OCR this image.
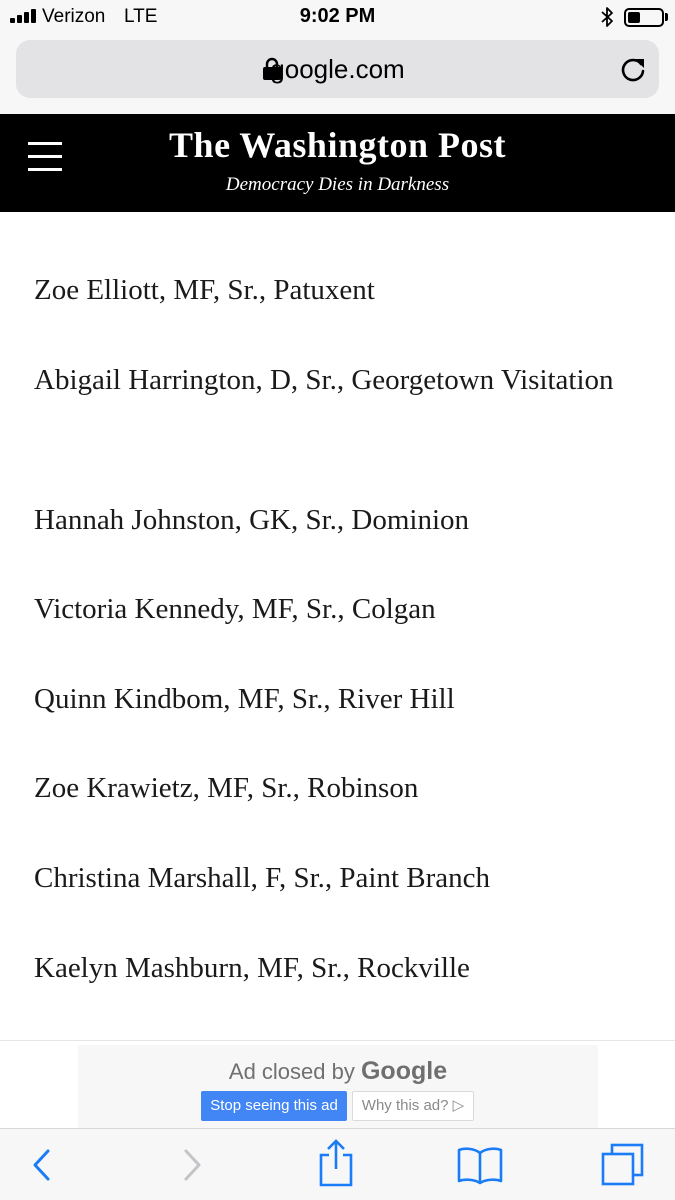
Verizon LTE	9:02 PM
google.com
The Washington Post
Democracy Dies in Darkness
Zoe Elliott, MF, Sr., Patuxent
Abigail Harrington, D, Sr., Georgetown Visitation
Hannah Johnston, GK, Sr., Dominion
Victoria Kennedy, MF, Sr., Colgan
Quinn Kindbom, MF, Sr., River Hill
Zoe Krawietz, MF, Sr., Robinson
Christina Marshall, F, Sr., Paint Branch
Kaelyn Mashburn, MF, Sr., Rockville
Ad closed by Google
Stop seeing this ad	Why this ad? ▷
